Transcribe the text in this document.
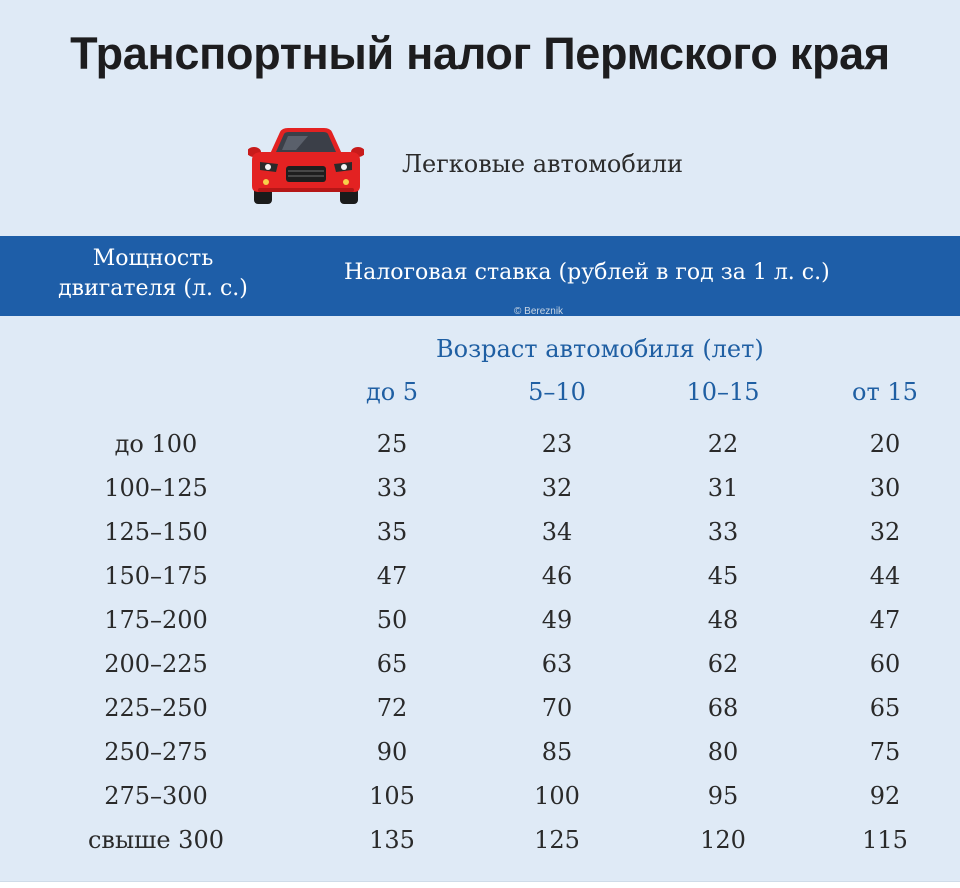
Транспортный налог Пермского края
Легковые автомобили
Мощность
двигателя (л. с.)
Налоговая ставка (рублей в год за 1 л. с.)
© Bereznik
Возраст автомобиля (лет)
до 5	5–10	10–15	от 15
до 100	25	23	22	20
100–125	33	32	31	30
125–150	35	34	33	32
150–175	47	46	45	44
175–200	50	49	48	47
200–225	65	63	62	60
225–250	72	70	68	65
250–275	90	85	80	75
275–300	105	100	95	92
свыше 300	135	125	120	115
